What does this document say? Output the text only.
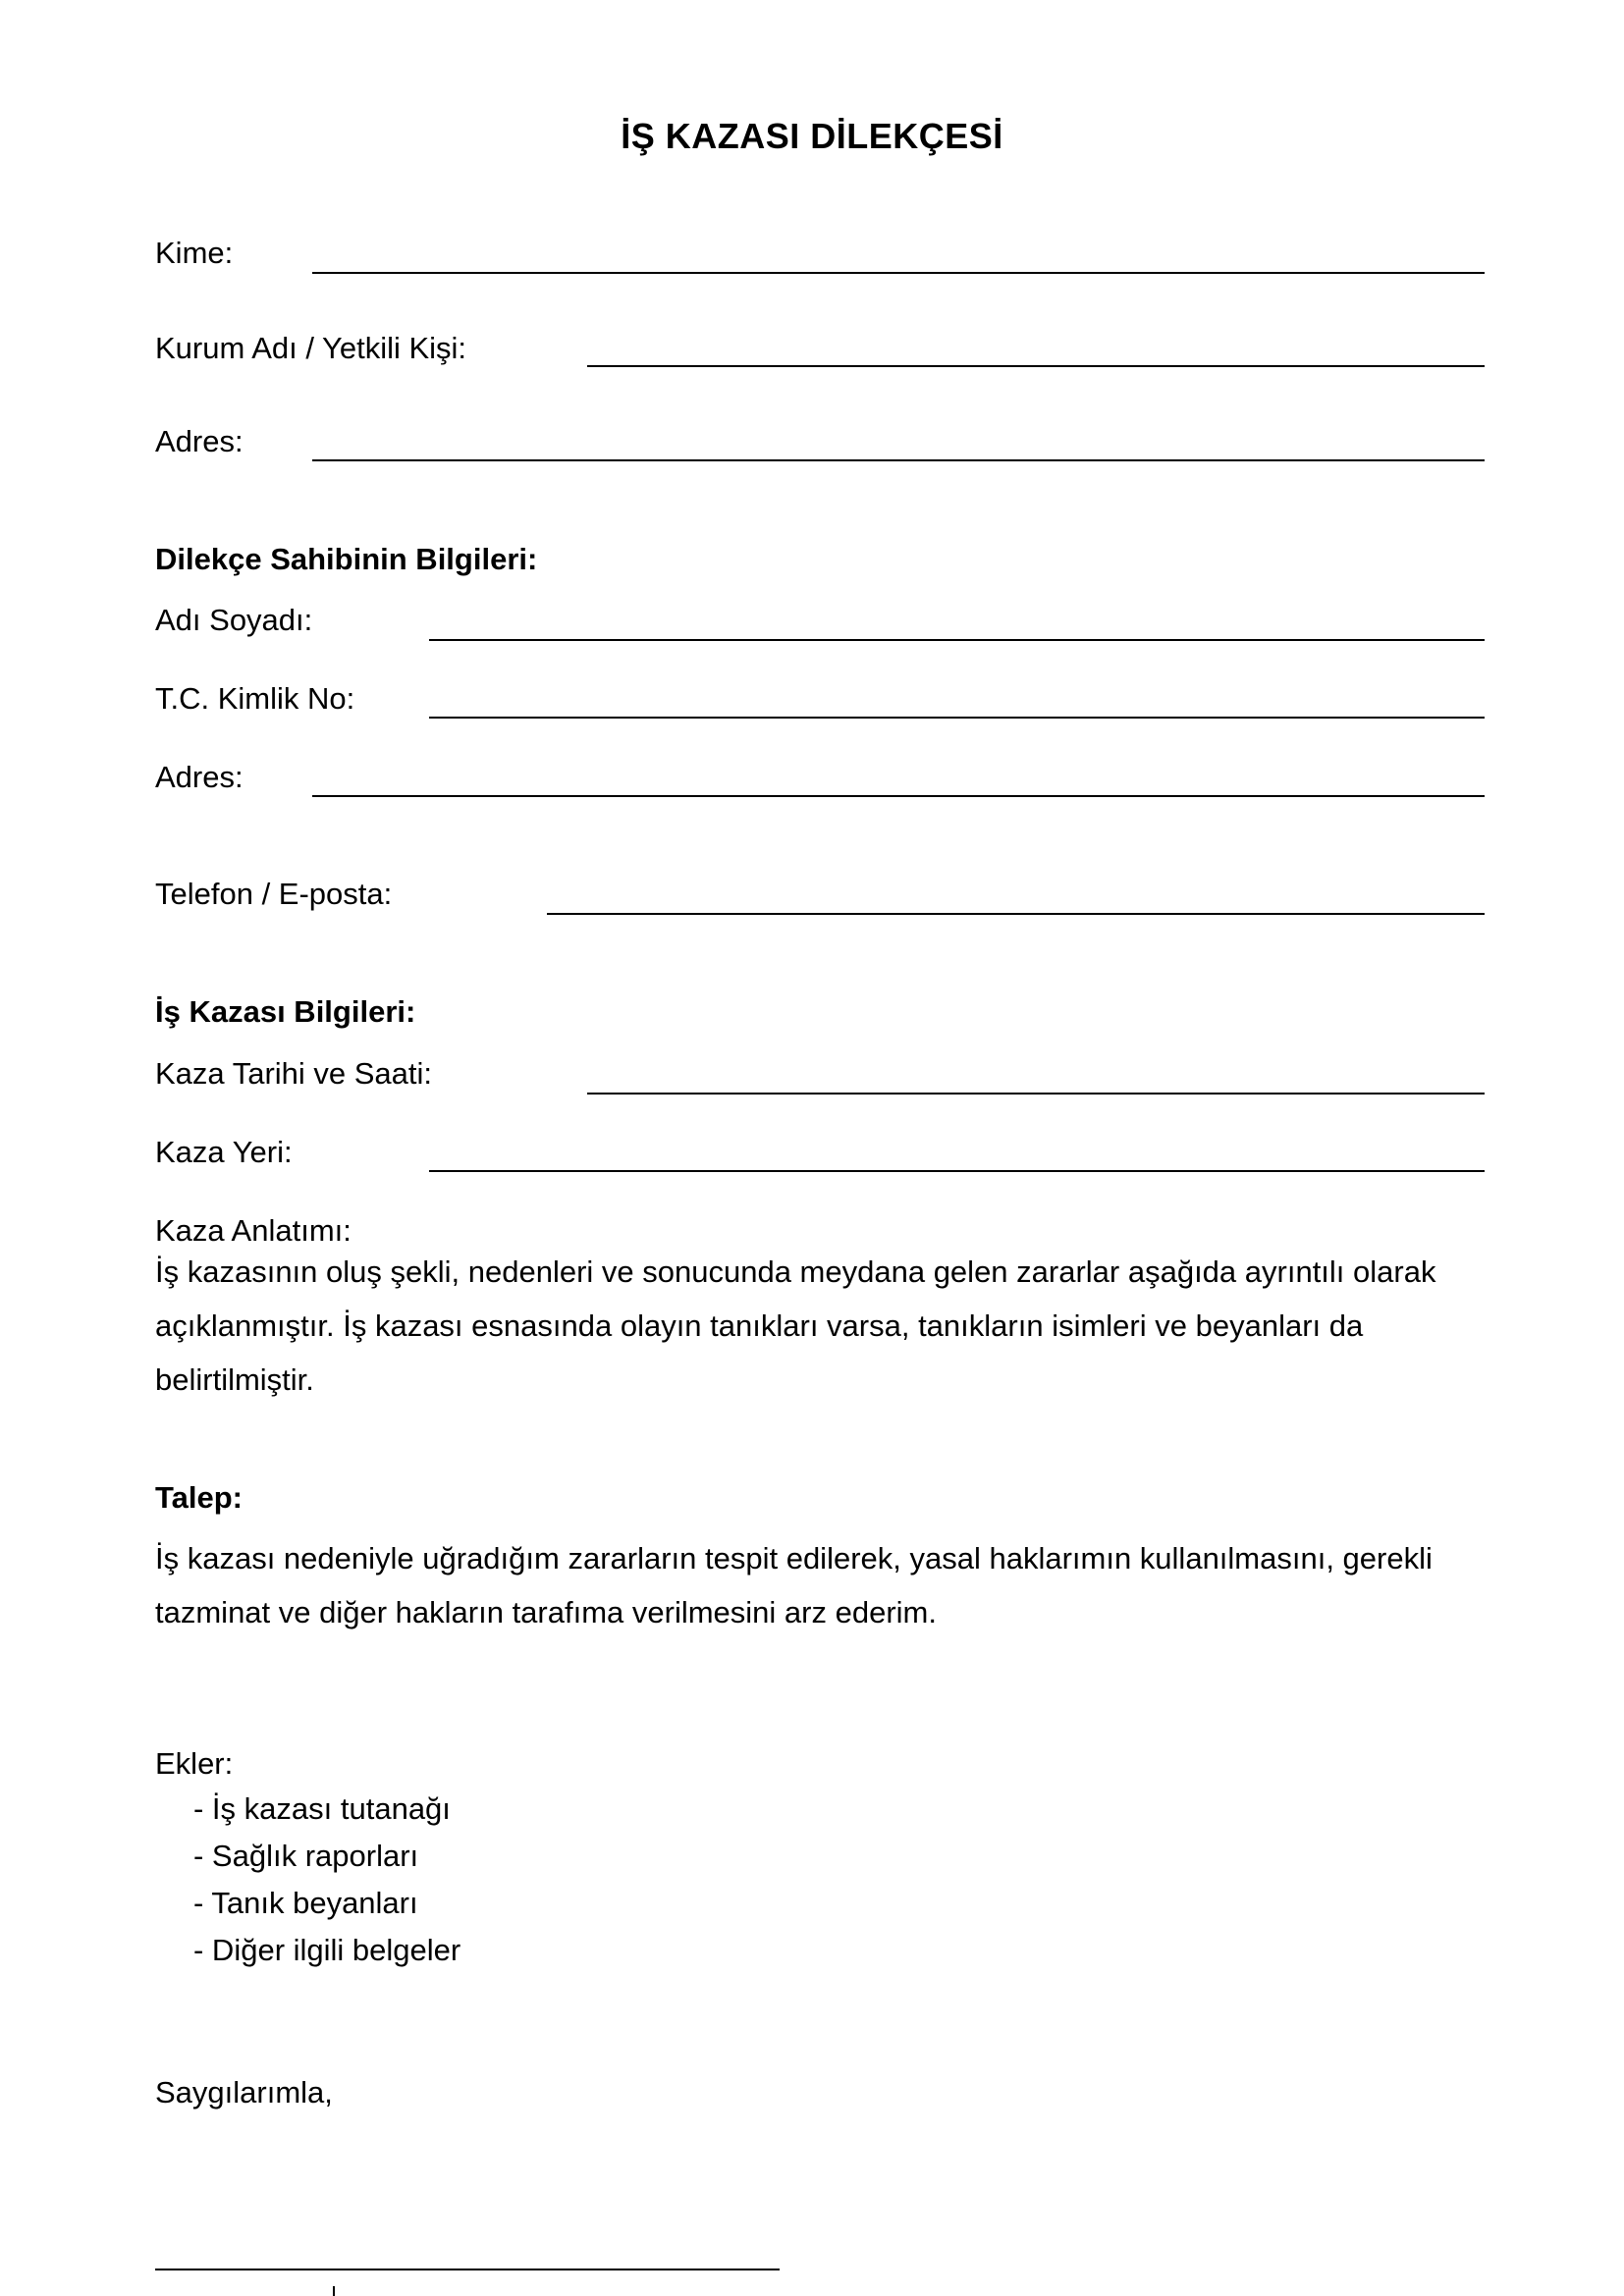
İŞ KAZASI DİLEKÇESİ
Kime:
Kurum Adı / Yetkili Kişi:
Adres:
Dilekçe Sahibinin Bilgileri:
Adı Soyadı:
T.C. Kimlik No:
Adres:
Telefon / E-posta:
İş Kazası Bilgileri:
Kaza Tarihi ve Saati:
Kaza Yeri:
Kaza Anlatımı:
İş kazasının oluş şekli, nedenleri ve sonucunda meydana gelen zararlar aşağıda ayrıntılı olarak
açıklanmıştır. İş kazası esnasında olayın tanıkları varsa, tanıkların isimleri ve beyanları da
belirtilmiştir.
Talep:
İş kazası nedeniyle uğradığım zararların tespit edilerek, yasal haklarımın kullanılmasını, gerekli
tazminat ve diğer hakların tarafıma verilmesini arz ederim.
Ekler:
- İş kazası tutanağı
- Sağlık raporları
- Tanık beyanları
- Diğer ilgili belgeler
Saygılarımla,
